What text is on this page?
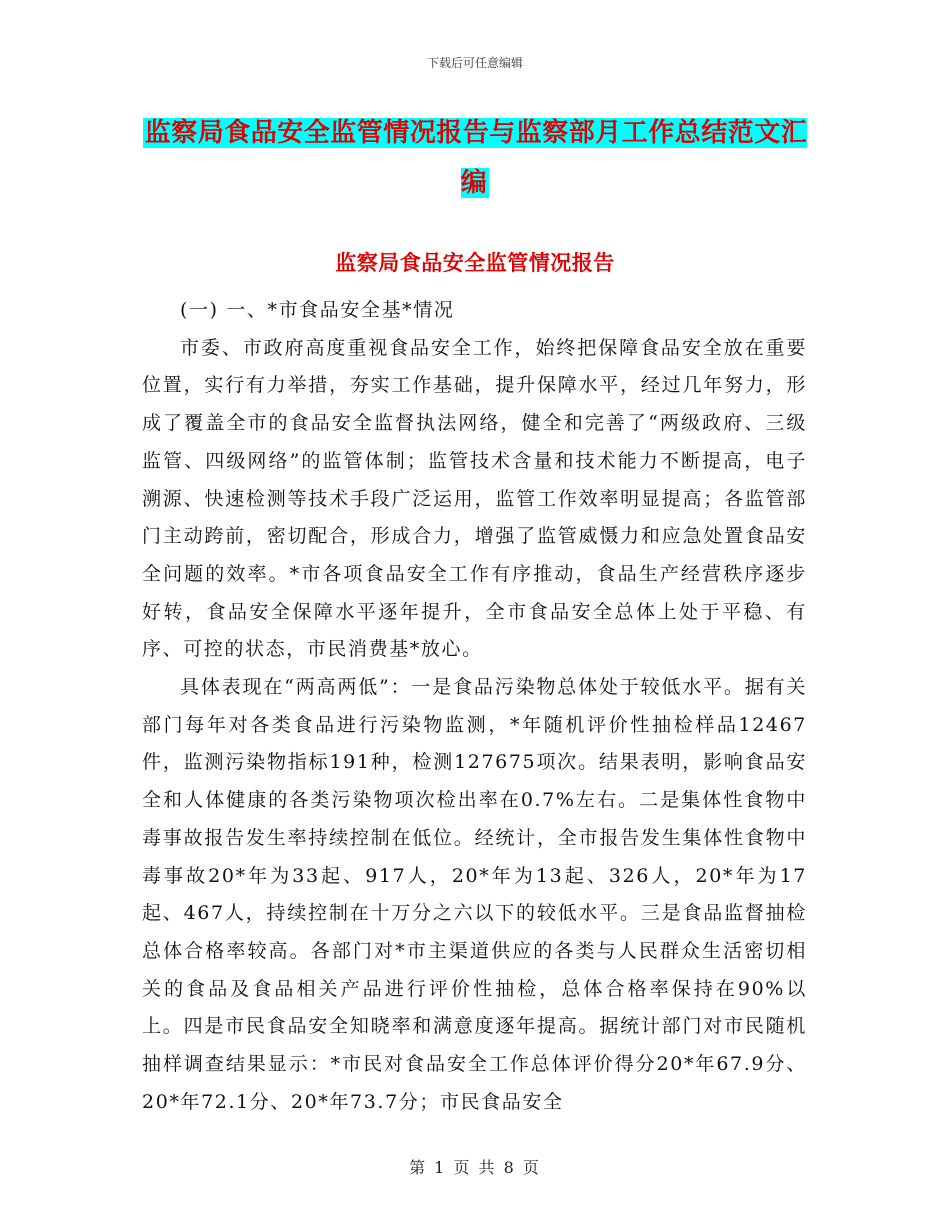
下载后可任意编辑
监察局食品安全监管情况报告与监察部月工作总结范文汇编
监察局食品安全监管情况报告

(一) 一、*市食品安全基*情况

市委、市政府高度重视食品安全工作，始终把保障食品安全放在重要位置，实行有力举措，夯实工作基础，提升保障水平，经过几年努力，形成了覆盖全市的食品安全监督执法网络，健全和完善了“两级政府、三级监管、四级网络”的监管体制；监管技术含量和技术能力不断提高，电子溯源、快速检测等技术手段广泛运用，监管工作效率明显提高；各监管部门主动跨前，密切配合，形成合力，增强了监管威慑力和应急处置食品安全问题的效率。*市各项食品安全工作有序推动，食品生产经营秩序逐步好转，食品安全保障水平逐年提升，全市食品安全总体上处于平稳、有序、可控的状态，市民消费基*放心。

具体表现在“两高两低”：一是食品污染物总体处于较低水平。据有关部门每年对各类食品进行污染物监测，*年随机评价性抽检样品12467件，监测污染物指标191种，检测127675项次。结果表明，影响食品安全和人体健康的各类污染物项次检出率在0.7%左右。二是集体性食物中毒事故报告发生率持续控制在低位。经统计，全市报告发生集体性食物中毒事故20*年为33起、917人，20*年为13起、326人，20*年为17起、467人，持续控制在十万分之六以下的较低水平。三是食品监督抽检总体合格率较高。各部门对*市主渠道供应的各类与人民群众生活密切相关的食品及食品相关产品进行评价性抽检，总体合格率保持在90%以上。四是市民食品安全知晓率和满意度逐年提高。据统计部门对市民随机抽样调查结果显示：*市民对食品安全工作总体评价得分20*年67.9分、20*年72.1分、20*年73.7分；市民食品安全

第 1 页 共 8 页
